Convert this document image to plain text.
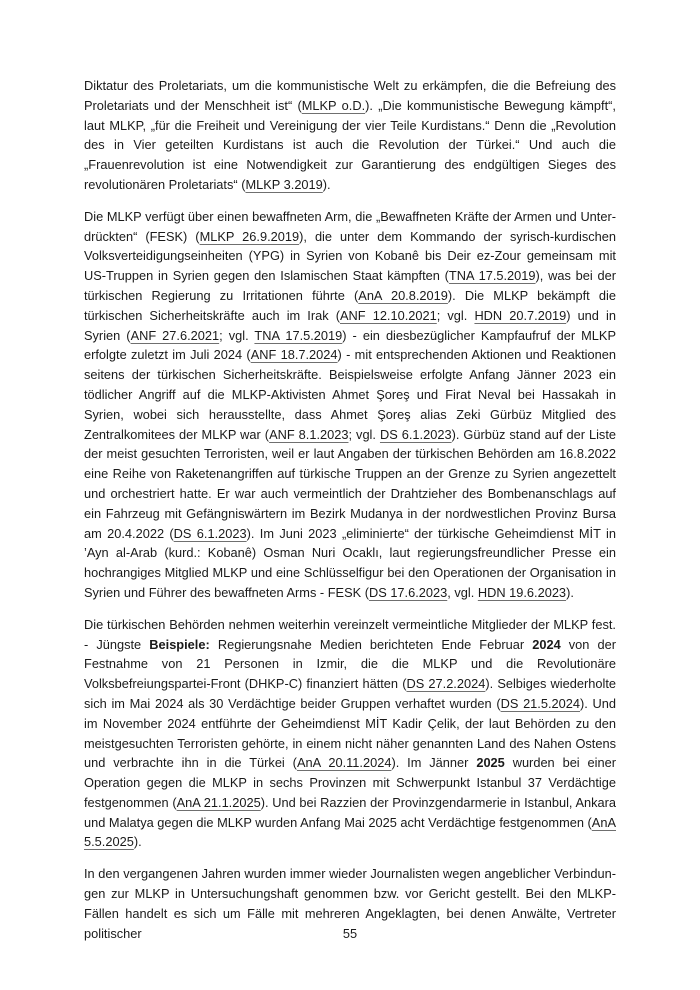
Diktatur des Proletariats, um die kommunistische Welt zu erkämpfen, die die Befreiung des Proletariats und der Menschheit ist“ (MLKP o.D.). „Die kommunistische Bewegung kämpft“, laut MLKP, „für die Freiheit und Vereinigung der vier Teile Kurdistans.“ Denn die „Revolution des in Vier geteilten Kurdistans ist auch die Revolution der Türkei.“ Und auch die „Frauenrevolution ist eine Notwendigkeit zur Garantierung des endgültigen Sieges des revolutionären Proletariats“ (MLKP 3.2019).

Die MLKP verfügt über einen bewaffneten Arm, die „Bewaffneten Kräfte der Armen und Unterdrückten“ (FESK) (MLKP 26.9.2019), die unter dem Kommando der syrisch-kurdischen Volksverteidigungseinheiten (YPG) in Syrien von Kobanê bis Deir ez-Zour gemeinsam mit US-Truppen in Syrien gegen den Islamischen Staat kämpften (TNA 17.5.2019), was bei der türkischen Regierung zu Irritationen führte (AnA 20.8.2019). Die MLKP bekämpft die türkischen Sicherheitskräfte auch im Irak (ANF 12.10.2021; vgl. HDN 20.7.2019) und in Syrien (ANF 27.6.2021; vgl. TNA 17.5.2019) - ein diesbezüglicher Kampfaufruf der MLKP erfolgte zuletzt im Juli 2024 (ANF 18.7.2024) - mit entsprechenden Aktionen und Reaktionen seitens der türkischen Sicherheitskräfte. Beispielsweise erfolgte Anfang Jänner 2023 ein tödlicher Angriff auf die MLKP-Aktivisten Ahmet Şoreş und Firat Neval bei Hassakah in Syrien, wobei sich herausstellte, dass Ahmet Şoreş alias Zeki Gürbüz Mitglied des Zentralkomitees der MLKP war (ANF 8.1.2023; vgl. DS 6.1.2023). Gürbüz stand auf der Liste der meist gesuchten Terroristen, weil er laut Angaben der türkischen Behörden am 16.8.2022 eine Reihe von Raketenangriffen auf türkische Truppen an der Grenze zu Syrien angezettelt und orchestriert hatte. Er war auch vermeintlich der Drahtzieher des Bombenanschlags auf ein Fahrzeug mit Gefängniswärtern im Bezirk Mudanya in der nordwestlichen Provinz Bursa am 20.4.2022 (DS 6.1.2023). Im Juni 2023 „eliminierte“ der türkische Geheimdienst MİT in ’Ayn al-Arab (kurd.: Kobanê) Osman Nuri Ocaklı, laut regierungsfreundlicher Presse ein hochrangiges Mitglied MLKP und eine Schlüsselfigur bei den Operationen der Organisation in Syrien und Führer des bewaffneten Arms - FESK (DS 17.6.2023, vgl. HDN 19.6.2023).

Die türkischen Behörden nehmen weiterhin vereinzelt vermeintliche Mitglieder der MLKP fest. - Jüngste Beispiele: Regierungsnahe Medien berichteten Ende Februar 2024 von der Festnahme von 21 Personen in Izmir, die die MLKP und die Revolutionäre Volksbefreiungspartei-Front (DHKP-C) finanziert hätten (DS 27.2.2024). Selbiges wiederholte sich im Mai 2024 als 30 Verdächtige beider Gruppen verhaftet wurden (DS 21.5.2024). Und im November 2024 entführte der Geheimdienst MİT Kadir Çelik, der laut Behörden zu den meistgesuchten Terroristen gehörte, in einem nicht näher genannten Land des Nahen Ostens und verbrachte ihn in die Türkei (AnA 20.11.2024). Im Jänner 2025 wurden bei einer Operation gegen die MLKP in sechs Provinzen mit Schwerpunkt Istanbul 37 Verdächtige festgenommen (AnA 21.1.2025). Und bei Razzien der Provinzgendarmerie in Istanbul, Ankara und Malatya gegen die MLKP wurden Anfang Mai 2025 acht Verdächtige festgenommen (AnA 5.5.2025).

In den vergangenen Jahren wurden immer wieder Journalisten wegen angeblicher Verbindungen zur MLKP in Untersuchungshaft genommen bzw. vor Gericht gestellt. Bei den MLKP-Fällen handelt es sich um Fälle mit mehreren Angeklagten, bei denen Anwälte, Vertreter politischer	55
